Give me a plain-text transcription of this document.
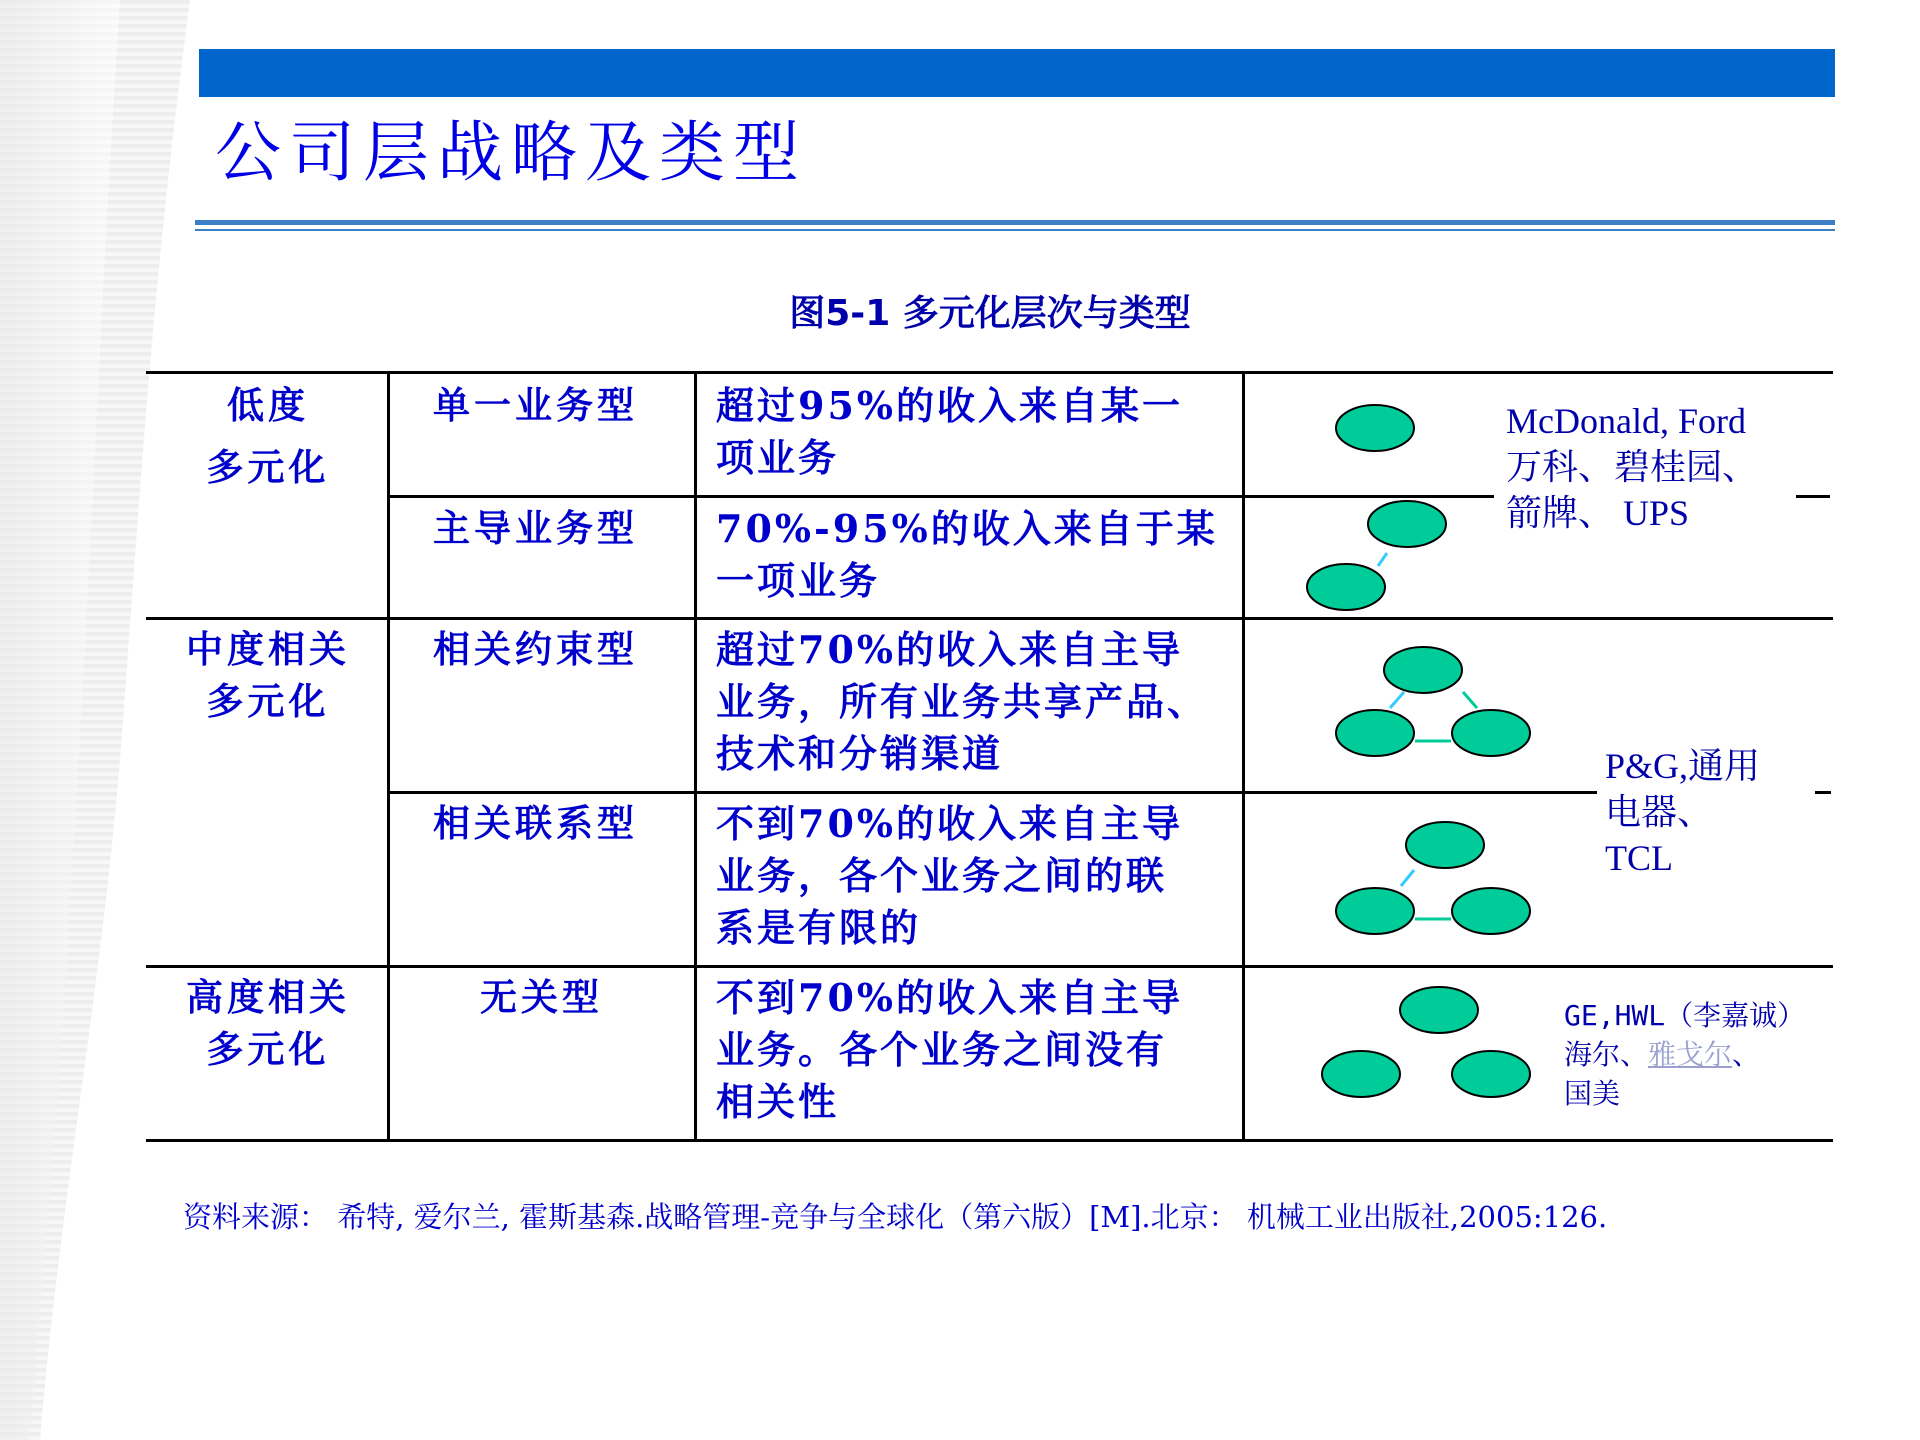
公司层战略及类型
图5-1 多元化层次与类型
低度
多元化
中度相关
多元化
高度相关
多元化
单一业务型
主导业务型
相关约束型
相关联系型
无关型
超过95%的收入来自某一
项业务
70%-95%的收入来自于某
一项业务
超过70%的收入来自主导
业务，所有业务共享产品、
技术和分销渠道
不到70%的收入来自主导
业务，各个业务之间的联
系是有限的
不到70%的收入来自主导
业务。各个业务之间没有
相关性
McDonald, Ford
万科、碧桂园、
箭牌、 UPS
P&G,通用
电器、
TCL
GE,HWL（李嘉诚）
海尔、雅戈尔、
国美
资料来源： 希特, 爱尔兰, 霍斯基森.战略管理-竞争与全球化（第六版）[M].北京： 机械工业出版社,2005:126.
